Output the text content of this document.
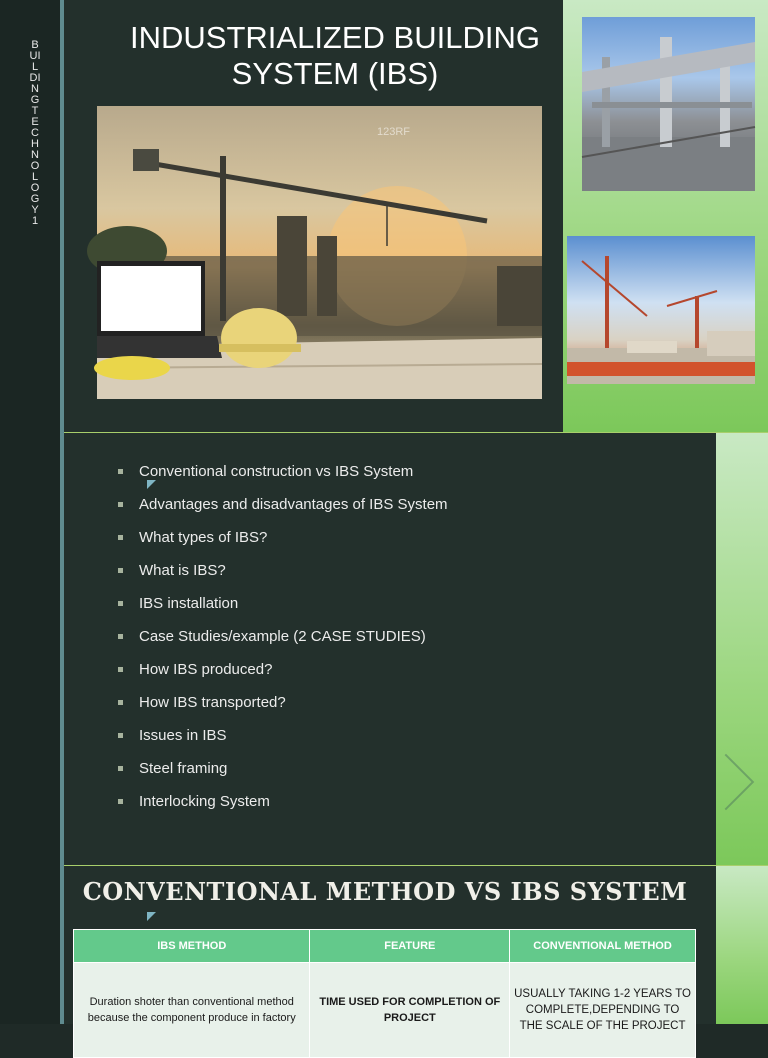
BUILDING TECHNOLOGY 1
INDUSTRIALIZED BUILDING SYSTEM (IBS)
123RF
Conventional construction vs IBS System
Advantages and disadvantages of IBS System
What types of IBS?
What is IBS?
IBS installation
Case Studies/example (2 CASE STUDIES)
How IBS produced?
How IBS transported?
Issues in IBS
Steel framing
Interlocking System
CONVENTIONAL METHOD VS IBS SYSTEM
IBS METHOD	FEATURE	CONVENTIONAL METHOD
Duration shoter than conventional method because the component produce in factory	TIME USED FOR COMPLETION OF PROJECT	USUALLY TAKING 1-2 YEARS TO COMPLETE,DEPENDING TO THE SCALE OF THE PROJECT
